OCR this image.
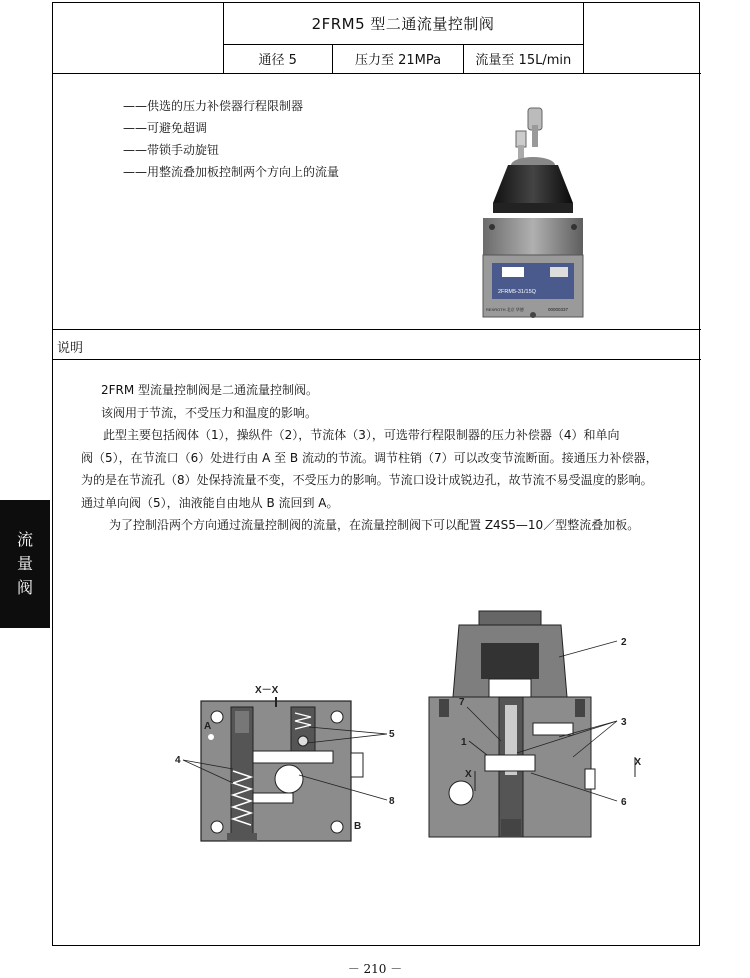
2FRM5 型二通流量控制阀
通径 5	压力至 21MPa	流量至 15L/min
——供选的压力补偿器行程限制器
——可避免超调
——带锁手动旋钮
——用整流叠加板控制两个方向上的流量
2FRM5-31/15Q
REXROTH 北京 华德	00000337
说明

2FRM 型流量控制阀是二通流量控制阀。

该阀用于节流，不受压力和温度的影响。

此型主要包括阀体（1），操纵件（2），节流体（3），可选带行程限制器的压力补偿器（4）和单向

阀（5），在节流口（6）处进行由 A 至 B 流动的节流。调节柱销（7）可以改变节流断面。接通压力补偿器，

为的是在节流孔（8）处保持流量不变，不受压力的影响。节流口设计成锐边孔，故节流不易受温度的影响。

通过单向阀（5），油液能自由地从 B 流回到 A。

为了控制沿两个方向通过流量控制阀的流量，在流量控制阀下可以配置 Z4S5—10／型整流叠加板。

X－X
A
B
4
5
8
2
7
1
3
6
X
X
流
量
阀
－ 210 －
